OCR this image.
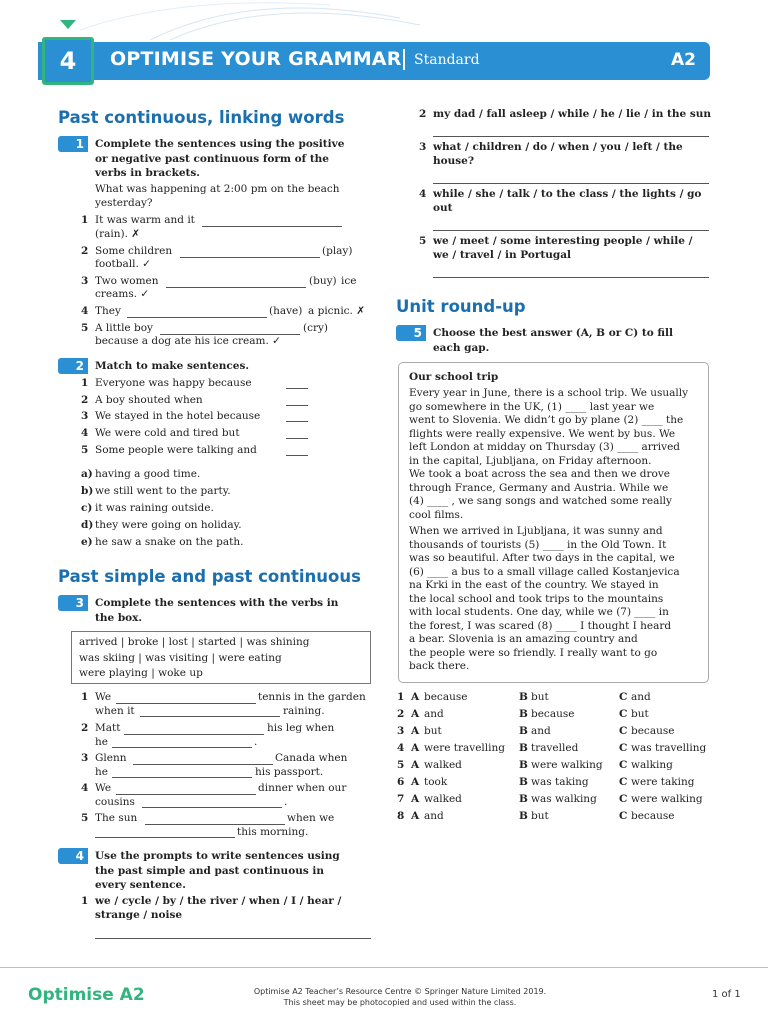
4	OPTIMISE YOUR GRAMMAR Standard	A2
Past continuous, linking words
1	Complete the sentences using the positive
or negative past continuous form of the
verbs in brackets.
What was happening at 2:00 pm on the beach
yesterday?
1 It was warm and it
(rain). ✗
2 Some children	(play)
football. ✓
3 Two women	(buy) ice
creams. ✓
4 They	(have) a picnic. ✗
5 A little boy	(cry)
because a dog ate his ice cream. ✓
2	Match to make sentences.
1 Everyone was happy because
2 A boy shouted when
3 We stayed in the hotel because
4 We were cold and tired but
5 Some people were talking and
a) having a good time.
b) we still went to the party.
c) it was raining outside.
d) they were going on holiday.
e) he saw a snake on the path.
Past simple and past continuous
3	Complete the sentences with the verbs in
the box.
arrived | broke | lost | started | was shining
was skiing | was visiting | were eating
were playing | woke up
1 We	tennis in the garden
when it	raining.
2 Matt	his leg when
he	.
3 Glenn	Canada when
he	his passport.
4 We	dinner when our
cousins	.
5 The sun	when we
this morning.
4	Use the prompts to write sentences using
the past simple and past continuous in
every sentence.
1 we / cycle / by / the river / when / I / hear /
strange / noise
2 my dad / fall asleep / while / he / lie / in the sun
3 what / children / do / when / you / left / the
house?
4 while / she / talk / to the class / the lights / go
out
5 we / meet / some interesting people / while /
we / travel / in Portugal
Unit round-up
5	Choose the best answer (A, B or C) to fill
each gap.
Our school trip
Every year in June, there is a school trip. We usually
go somewhere in the UK, (1) ____ last year we
went to Slovenia. We didn’t go by plane (2) ____ the
flights were really expensive. We went by bus. We
left London at midday on Thursday (3) ____ arrived
in the capital, Ljubljana, on Friday afternoon.
We took a boat across the sea and then we drove
through France, Germany and Austria. While we
(4) ____ , we sang songs and watched some really
cool films.
When we arrived in Ljubljana, it was sunny and
thousands of tourists (5) ____ in the Old Town. It
was so beautiful. After two days in the capital, we
(6) ____ a bus to a small village called Kostanjevica
na Krki in the east of the country. We stayed in
the local school and took trips to the mountains
with local students. One day, while we (7) ____ in
the forest, I was scared (8) ____ I thought I heard
a bear. Slovenia is an amazing country and
the people were so friendly. I really want to go
back there.
1 A because	B but	C and
2 A and	B because	C but
3 A but	B and	C because
4 A were travelling B travelled	C was travelling
5 A walked	B were walking C walking
6 A took	B was taking	C were taking
7 A walked	B was walking C were walking
8 A and	B but	C because
Optimise A2	Optimise A2 Teacher’s Resource Centre © Springer Nature Limited 2019.
This sheet may be photocopied and used within the class.
1 of 1
